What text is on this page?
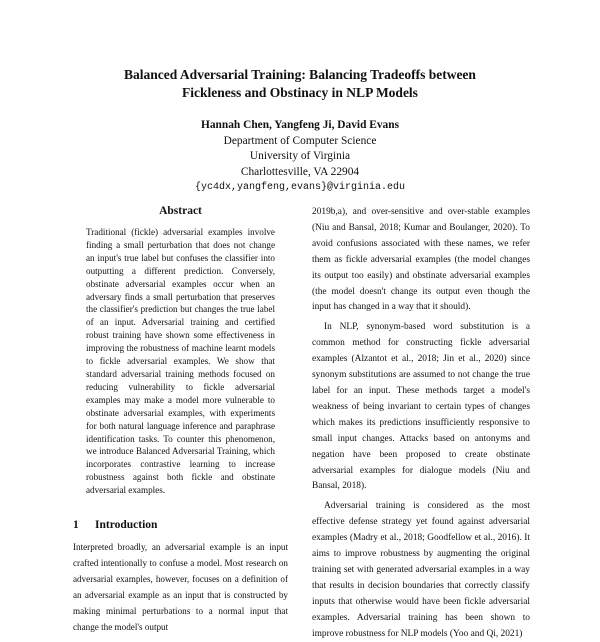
Balanced Adversarial Training: Balancing Tradeoffs between
Fickleness and Obstinacy in NLP Models
Hannah Chen, Yangfeng Ji, David Evans
Department of Computer Science
University of Virginia
Charlottesville, VA 22904
{yc4dx,yangfeng,evans}@virginia.edu
Abstract

Traditional (fickle) adversarial examples involve finding a small perturbation that does not change an input's true label but confuses the classifier into outputting a different prediction. Conversely, obstinate adversarial examples occur when an adversary finds a small perturbation that preserves the classifier's prediction but changes the true label of an input. Adversarial training and certified robust training have shown some effectiveness in improving the robustness of machine learnt models to fickle adversarial examples. We show that standard adversarial training methods focused on reducing vulnerability to fickle adversarial examples may make a model more vulnerable to obstinate adversarial examples, with experiments for both natural language inference and paraphrase identification tasks. To counter this phenomenon, we introduce Balanced Adversarial Training, which incorporates contrastive learning to increase robustness against both fickle and obstinate adversarial examples.

1 Introduction

Interpreted broadly, an adversarial example is an input crafted intentionally to confuse a model. Most research on adversarial examples, however, focuses on a definition of an adversarial example as an input that is constructed by making minimal perturbations to a normal input that change the model's output

2019b,a), and over-sensitive and over-stable examples (Niu and Bansal, 2018; Kumar and Boulanger, 2020). To avoid confusions associated with these names, we refer them as fickle adversarial examples (the model changes its output too easily) and obstinate adversarial examples (the model doesn't change its output even though the input has changed in a way that it should).

In NLP, synonym-based word substitution is a common method for constructing fickle adversarial examples (Alzantot et al., 2018; Jin et al., 2020) since synonym substitutions are assumed to not change the true label for an input. These methods target a model's weakness of being invariant to certain types of changes which makes its predictions insufficiently responsive to small input changes. Attacks based on antonyms and negation have been proposed to create obstinate adversarial examples for dialogue models (Niu and Bansal, 2018).

Adversarial training is considered as the most effective defense strategy yet found against adversarial examples (Madry et al., 2018; Goodfellow et al., 2016). It aims to improve robustness by augmenting the original training set with generated adversarial examples in a way that results in decision boundaries that correctly classify inputs that otherwise would have been fickle adversarial examples. Adversarial training has been shown to improve robustness for NLP models (Yoo and Qi, 2021)
